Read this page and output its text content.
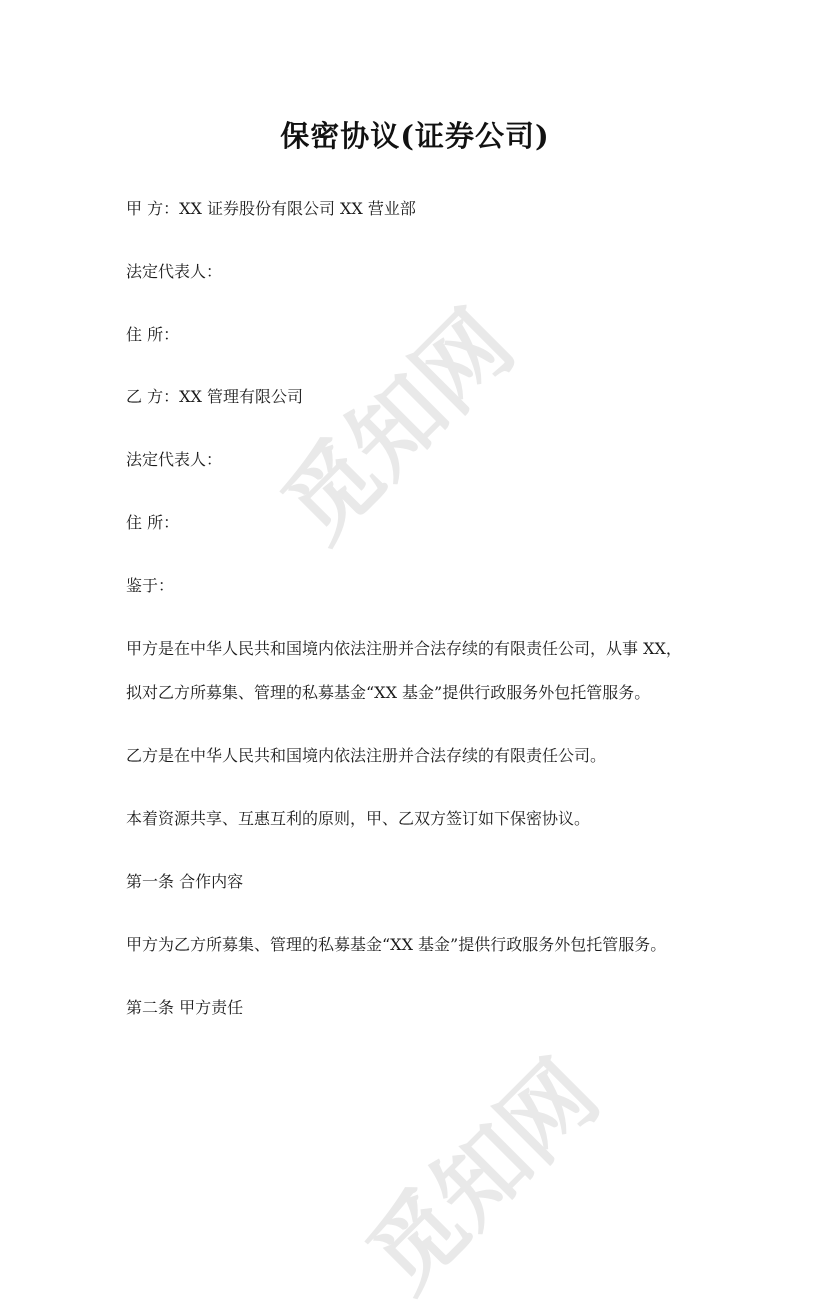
觅知网
觅知网
保密协议(证券公司)
甲 方：XX 证券股份有限公司 XX 营业部
法定代表人：
住 所：
乙 方：XX 管理有限公司
法定代表人：
住 所：
鉴于：
甲方是在中华人民共和国境内依法注册并合法存续的有限责任公司，从事 XX，
拟对乙方所募集、管理的私募基金“XX 基金”提供行政服务外包托管服务。
乙方是在中华人民共和国境内依法注册并合法存续的有限责任公司。
本着资源共享、互惠互利的原则，甲、乙双方签订如下保密协议。
第一条 合作内容
甲方为乙方所募集、管理的私募基金“XX 基金”提供行政服务外包托管服务。
第二条 甲方责任
